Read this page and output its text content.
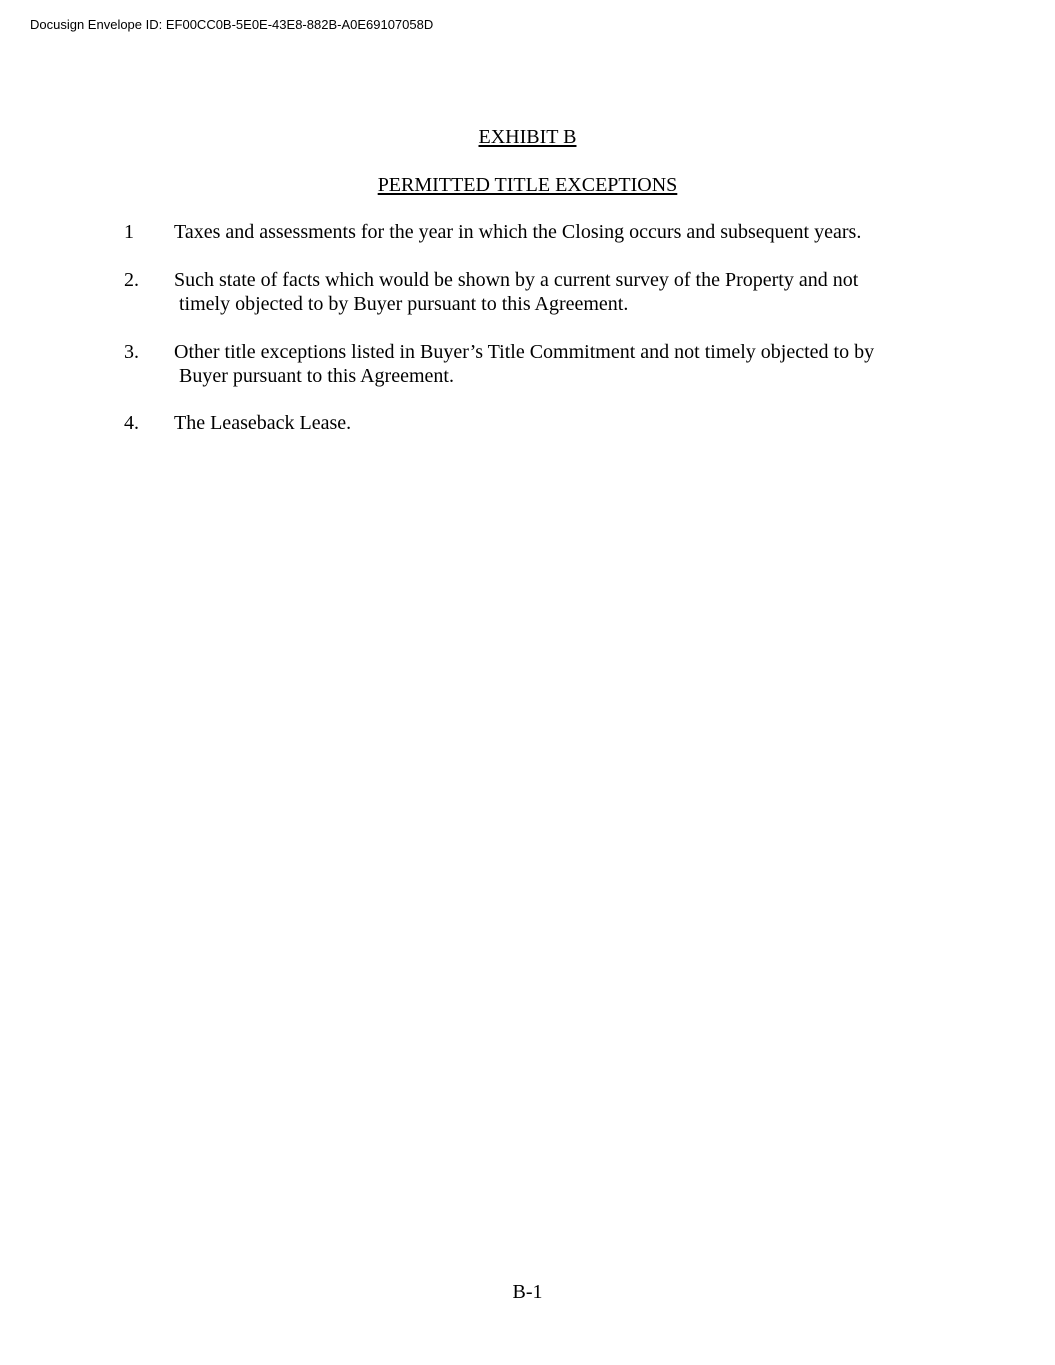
Docusign Envelope ID: EF00CC0B-5E0E-43E8-882B-A0E69107058D
EXHIBIT B
PERMITTED TITLE EXCEPTIONS
1 Taxes and assessments for the year in which the Closing occurs and subsequent years.
2. Such state of facts which would be shown by a current survey of the Property and not
timely objected to by Buyer pursuant to this Agreement.
3. Other title exceptions listed in Buyer’s Title Commitment and not timely objected to by
Buyer pursuant to this Agreement.
4. The Leaseback Lease.
B-1
